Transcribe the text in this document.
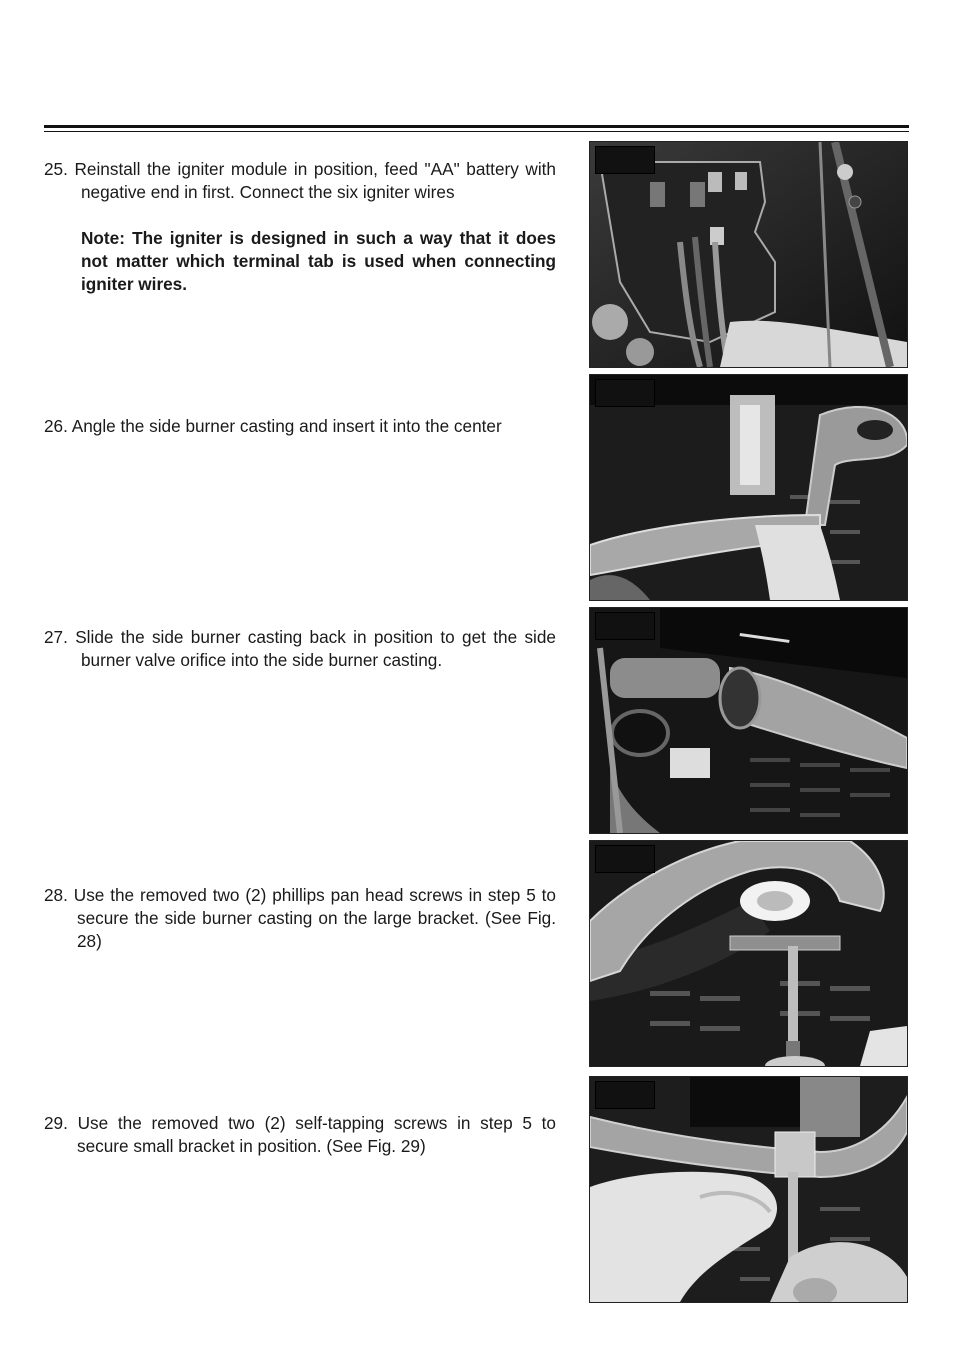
25. Reinstall the igniter module in position, feed "AA" battery with negative end in first. Connect the six igniter wires
Note: The igniter is designed in such a way that it does not matter which terminal tab is used when connecting igniter wires.
26. Angle the side burner casting and insert it into the center
27. Slide the side burner casting back in position to get the side burner valve orifice into the side burner casting.
28. Use the removed two (2) phillips pan head screws in step 5 to secure the side burner casting on the large bracket. (See Fig. 28)
29. Use the removed two (2) self-tapping screws in step 5 to secure small bracket in position. (See Fig. 29)
